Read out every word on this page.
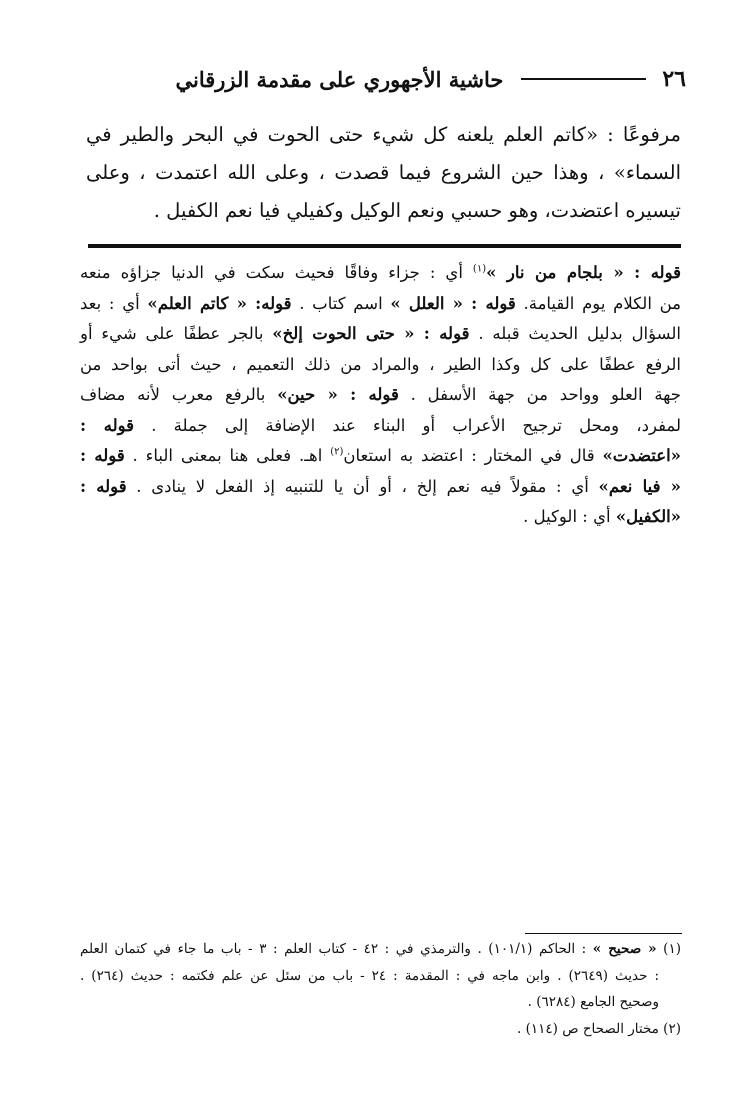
٢٦
حاشية الأجهوري على مقدمة الزرقاني
مرفوعًا : «كاتم العلم يلعنه كل شيء حتى الحوت في البحر والطير في
السماء» ، وهذا حين الشروع فيما قصدت ، وعلى الله اعتمدت ، وعلى
تيسيره اعتضدت، وهو حسبي ونعم الوكيل وكفيلي فيا نعم الكفيل .
قوله : « بلجام من نار »$^{(١)}$ أي : جزاء وفاقًا فحيث سكت في الدنيا جزاؤه منعه
من الكلام يوم القيامة. قوله : « العلل » اسم كتاب . قوله: « كاتم العلم» أي : بعد
السؤال بدليل الحديث قبله . قوله : « حتى الحوت إلخ» بالجر عطفًا على شيء أو
الرفع عطفًا على كل وكذا الطير ، والمراد من ذلك التعميم ، حيث أتى بواحد من
جهة العلو وواحد من جهة الأسفل . قوله : « حين» بالرفع معرب لأنه مضاف
لمفرد، ومحل ترجيح الأعراب أو البناء عند الإضافة إلى جملة . قوله :
«اعتضدت» قال في المختار : اعتضد به استعان$^{(٢)}$ اهـ. فعلى هنا بمعنى الباء . قوله :
« فيا نعم» أي : مقولاً فيه نعم إلخ ، أو أن يا للتنبيه إذ الفعل لا ينادى . قوله :
«الكفيل» أي : الوكيل .
(١) « صحيح » : الحاكم (١٠١/١) . والترمذي في : ٤٢ - كتاب العلم : ٣ - باب ما جاء في كتمان العلم
: حديث (٢٦٤٩) . وابن ماجه في : المقدمة : ٢٤ - باب من سئل عن علم فكتمه : حديث (٢٦٤) .
وصحيح الجامع (٦٢٨٤) .
(٢) مختار الصحاح ص (١١٤) .
